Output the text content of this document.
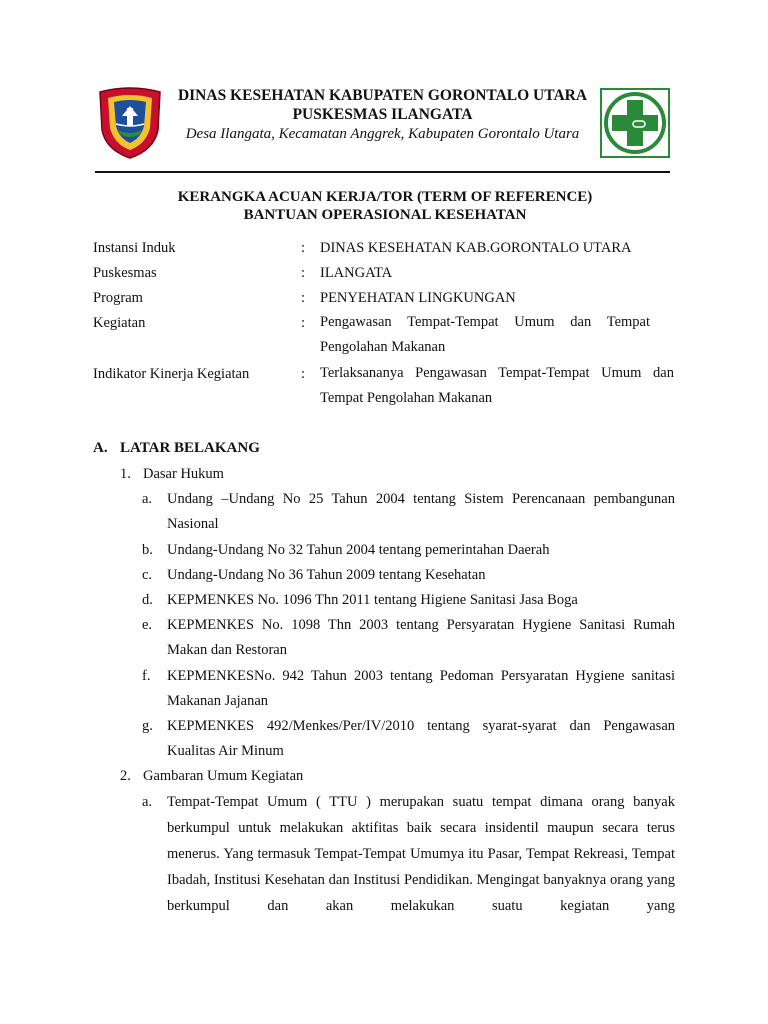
DINAS KESEHATAN KABUPATEN GORONTALO UTARA
PUSKESMAS ILANGATA
Desa Ilangata, Kecamatan Anggrek, Kabupaten Gorontalo Utara
KERANGKA ACUAN KERJA/TOR (TERM OF REFERENCE)
BANTUAN OPERASIONAL KESEHATAN
Instansi Induk	: DINAS KESEHATAN KAB.GORONTALO UTARA
Puskesmas	: ILANGATA
Program	: PENYEHATAN LINGKUNGAN
Kegiatan	: Pengawasan Tempat-Tempat Umum dan Tempat Pengolahan Makanan
Indikator Kinerja Kegiatan	: Terlaksananya Pengawasan Tempat-Tempat Umum dan Tempat Pengolahan Makanan
A. LATAR BELAKANG
1. Dasar Hukum
a. Undang –Undang No 25 Tahun 2004 tentang Sistem Perencanaan pembangunan Nasional
b. Undang-Undang No 32 Tahun 2004 tentang pemerintahan Daerah
c. Undang-Undang No 36 Tahun 2009 tentang Kesehatan
d. KEPMENKES No. 1096 Thn 2011 tentang Higiene Sanitasi Jasa Boga
e. KEPMENKES No. 1098 Thn 2003 tentang Persyaratan Hygiene Sanitasi Rumah Makan dan Restoran
f. KEPMENKESNo. 942 Tahun 2003 tentang Pedoman Persyaratan Hygiene sanitasi Makanan Jajanan
g. KEPMENKES 492/Menkes/Per/IV/2010 tentang syarat-syarat dan Pengawasan Kualitas Air Minum
2. Gambaran Umum Kegiatan
a. Tempat-Tempat Umum ( TTU ) merupakan suatu tempat dimana orang banyak berkumpul untuk melakukan aktifitas baik secara insidentil maupun secara terus menerus. Yang termasuk Tempat-Tempat Umumya itu Pasar, Tempat Rekreasi, Tempat Ibadah, Institusi Kesehatan dan Institusi Pendidikan. Mengingat banyaknya orang yang berkumpul dan akan melakukan suatu kegiatan yang
